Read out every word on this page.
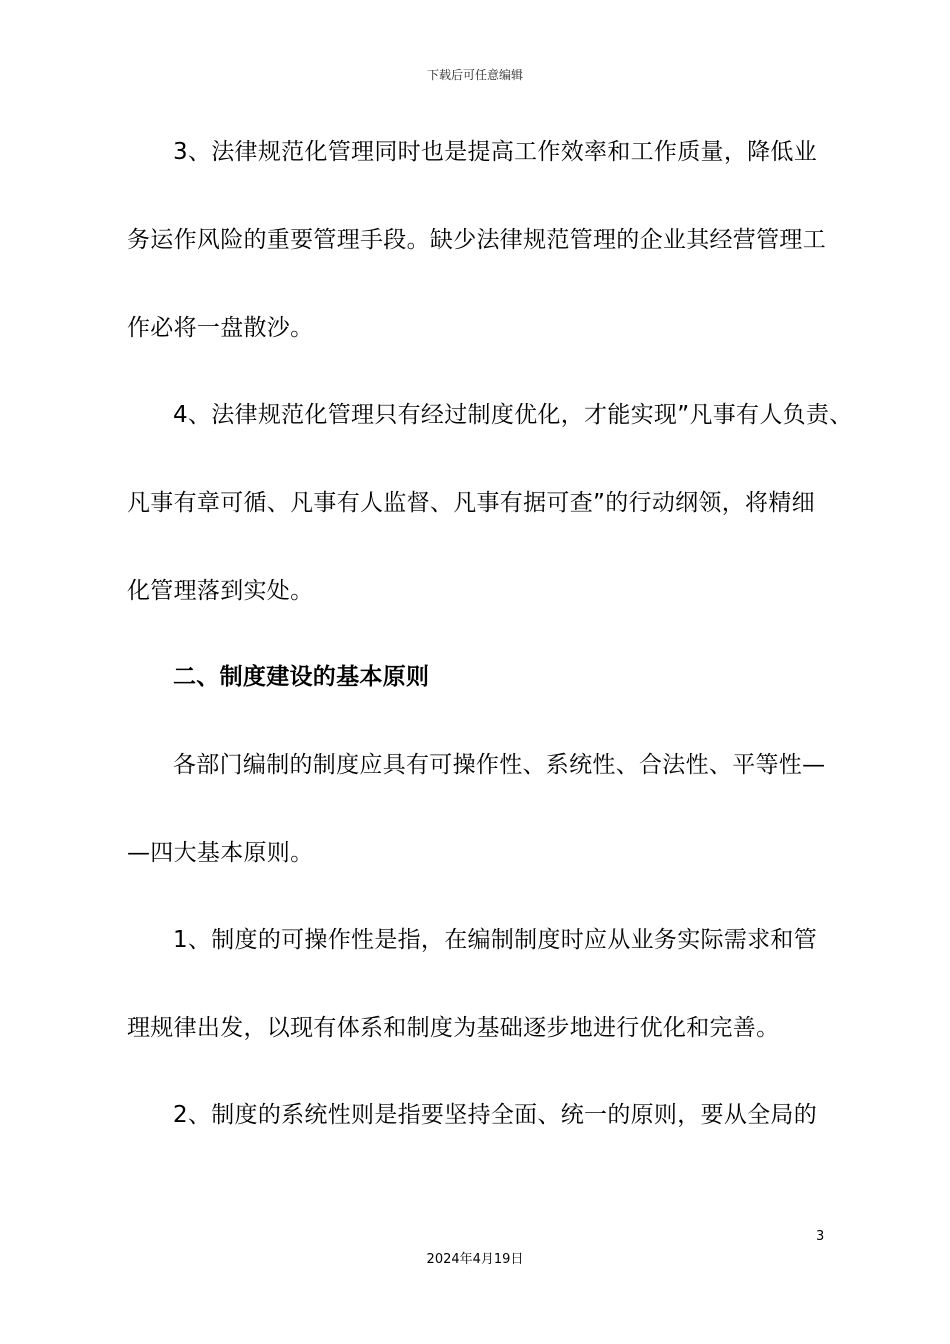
下载后可任意编辑
3、法律规范化管理同时也是提高工作效率和工作质量，降低业
务运作风险的重要管理手段。缺少法律规范管理的企业其经营管理工
作必将一盘散沙。
4、法律规范化管理只有经过制度优化，才能实现”凡事有人负责、
凡事有章可循、凡事有人监督、凡事有据可查”的行动纲领，将精细
化管理落到实处。
二、制度建设的基本原则
各部门编制的制度应具有可操作性、系统性、合法性、平等性—
—四大基本原则。
1、制度的可操作性是指，在编制制度时应从业务实际需求和管
理规律出发，以现有体系和制度为基础逐步地进行优化和完善。
2、制度的系统性则是指要坚持全面、统一的原则，要从全局的
3
2024年4月19日
